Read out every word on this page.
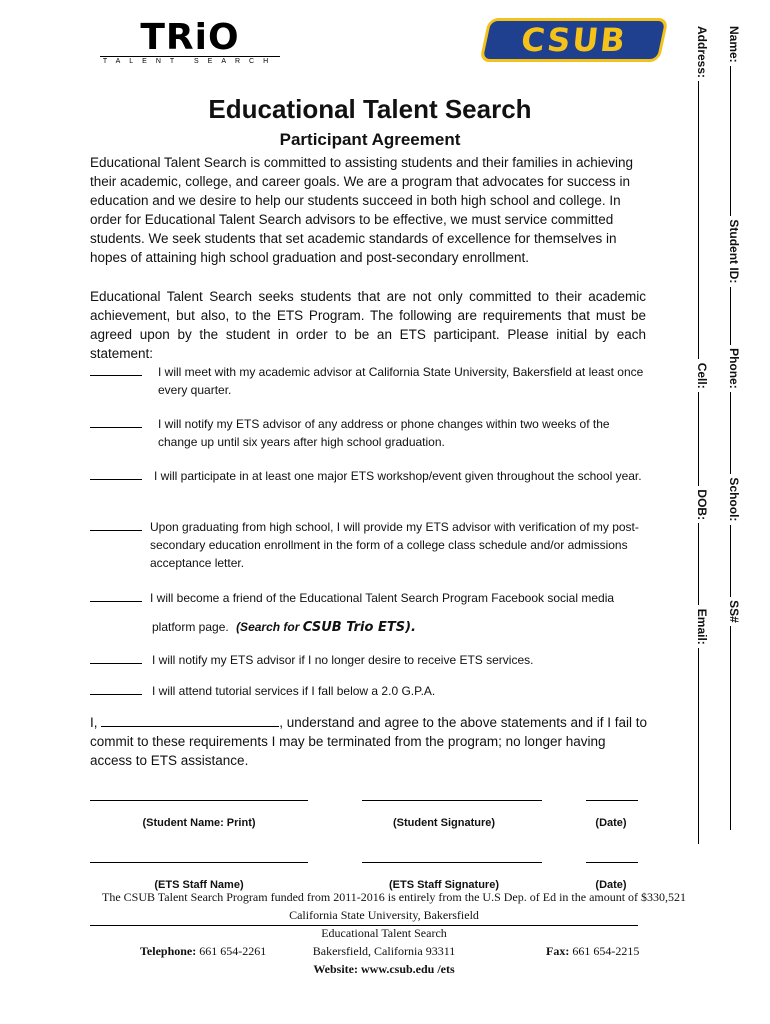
TRiO
TALENT SEARCH
CSUB	Name:  Student ID:  Phone:  School:  SS#
Address:  Cell:  DOB:  Email:
Educational Talent Search
Participant Agreement
Educational Talent Search is committed to assisting students and their families in achieving their academic, college, and career goals. We are a program that advocates for success in education and we desire to help our students succeed in both high school and college. In order for Educational Talent Search advisors to be effective, we must service committed students. We seek students that set academic standards of excellence for themselves in hopes of attaining high school graduation and post-secondary enrollment.
Educational Talent Search seeks students that are not only committed to their academic achievement, but also, to the ETS Program. The following are requirements that must be agreed upon by the student in order to be an ETS participant. Please initial by each statement:
I will meet with my academic advisor at California State University, Bakersfield at least once every quarter.
I will notify my ETS advisor of any address or phone changes within two weeks of the change up until six years after high school graduation.
I will participate in at least one major ETS workshop/event given throughout the school year.
Upon graduating from high school, I will provide my ETS advisor with verification of my post- secondary education enrollment in the form of a college class schedule and/or admissions acceptance letter.
I will become a friend of the Educational Talent Search Program Facebook social media
platform page. (Search for CSUB Trio ETS).
I will notify my ETS advisor if I no longer desire to receive ETS services.
I will attend tutorial services if I fall below a 2.0 G.P.A.
I,	, understand and agree to the above statements and if I fail to commit to these requirements I may be terminated from the program; no longer having access to ETS assistance.
(Student Name: Print)	(Student Signature)	(Date)
(ETS Staff Name)	(ETS Staff Signature)	(Date)
The CSUB Talent Search Program funded from 2011-2016 is entirely from the U.S Dep. of Ed in the amount of $330,521
California State University, Bakersfield
Educational Talent Search
Bakersfield, California 93311
Telephone: 661 654-2261	Fax: 661 654-2215
Website: www.csub.edu /ets
